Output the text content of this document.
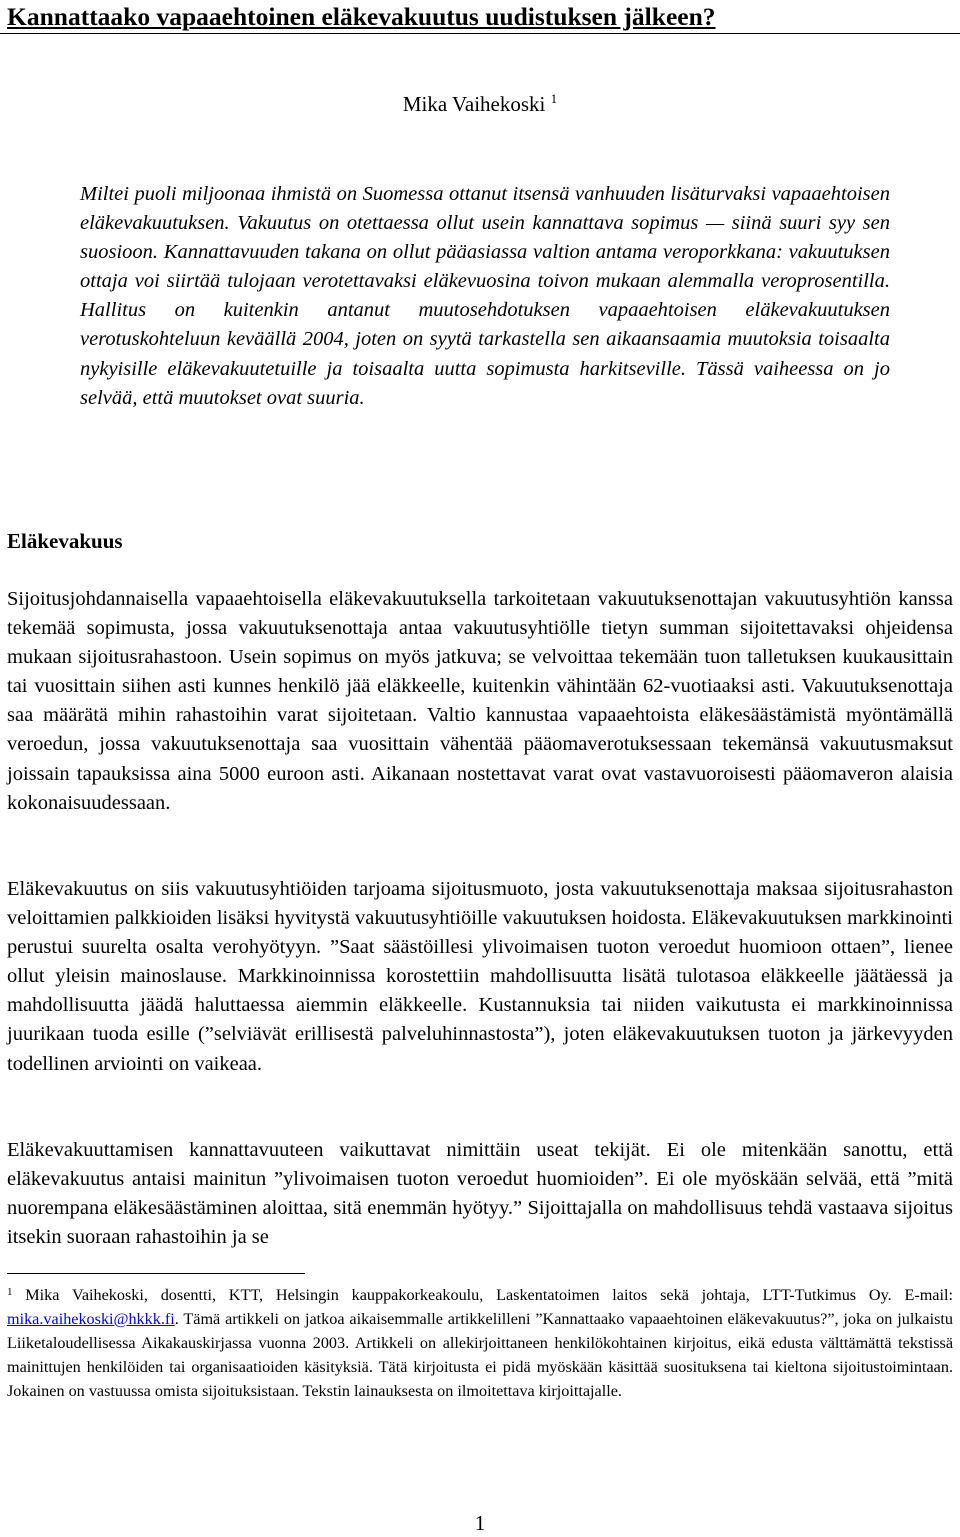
Kannattaako vapaaehtoinen eläkevakuutus uudistuksen jälkeen?
Mika Vaihekoski $^1$

Miltei puoli miljoonaa ihmistä on Suomessa ottanut itsensä vanhuuden lisäturvaksi vapaaehtoisen eläkevakuutuksen. Vakuutus on otettaessa ollut usein kannattava sopimus — siinä suuri syy sen suosioon. Kannattavuuden takana on ollut pääasiassa valtion antama veroporkkana: vakuutuksen ottaja voi siirtää tulojaan verotettavaksi eläkevuosina toivon mukaan alemmalla veroprosentilla. Hallitus on kuitenkin antanut muutosehdotuksen vapaaehtoisen eläkevakuutuksen verotuskohteluun keväällä 2004, joten on syytä tarkastella sen aikaansaamia muutoksia toisaalta nykyisille eläkevakuutetuille ja toisaalta uutta sopimusta harkitseville. Tässä vaiheessa on jo selvää, että muutokset ovat suuria.

Eläkevakuus

Sijoitusjohdannaisella vapaaehtoisella eläkevakuutuksella tarkoitetaan vakuutuksenottajan vakuutusyhtiön kanssa tekemää sopimusta, jossa vakuutuksenottaja antaa vakuutusyhtiölle tietyn summan sijoitettavaksi ohjeidensa mukaan sijoitusrahastoon. Usein sopimus on myös jatkuva; se velvoittaa tekemään tuon talletuksen kuukausittain tai vuosittain siihen asti kunnes henkilö jää eläkkeelle, kuitenkin vähintään 62-vuotiaaksi asti. Vakuutuksenottaja saa määrätä mihin rahastoihin varat sijoitetaan. Valtio kannustaa vapaaehtoista eläkesäästämistä myöntämällä veroedun, jossa vakuutuksenottaja saa vuosittain vähentää pääomaverotuksessaan tekemänsä vakuutusmaksut joissain tapauksissa aina 5000 euroon asti. Aikanaan nostettavat varat ovat vastavuoroisesti pääomaveron alaisia kokonaisuudessaan.

Eläkevakuutus on siis vakuutusyhtiöiden tarjoama sijoitusmuoto, josta vakuutuksenottaja maksaa sijoitusrahaston veloittamien palkkioiden lisäksi hyvitystä vakuutusyhtiöille vakuutuksen hoidosta. Eläkevakuutuksen markkinointi perustui suurelta osalta verohyötyyn. ”Saat säästöillesi ylivoimaisen tuoton veroedut huomioon ottaen”, lienee ollut yleisin mainoslause. Markkinoinnissa korostettiin mahdollisuutta lisätä tulotasoa eläkkeelle jäätäessä ja mahdollisuutta jäädä haluttaessa aiemmin eläkkeelle. Kustannuksia tai niiden vaikutusta ei markkinoinnissa juurikaan tuoda esille (”selviävät erillisestä palveluhinnastosta”), joten eläkevakuutuksen tuoton ja järkevyyden todellinen arviointi on vaikeaa.

Eläkevakuuttamisen kannattavuuteen vaikuttavat nimittäin useat tekijät. Ei ole mitenkään sanottu, että eläkevakuutus antaisi mainitun ”ylivoimaisen tuoton veroedut huomioiden”. Ei ole myöskään selvää, että ”mitä nuorempana eläkesäästäminen aloittaa, sitä enemmän hyötyy.” Sijoittajalla on mahdollisuus tehdä vastaava sijoitus itsekin suoraan rahastoihin ja se

$^1$ Mika Vaihekoski, dosentti, KTT, Helsingin kauppakorkeakoulu, Laskentatoimen laitos sekä johtaja, LTT-Tutkimus Oy. E-mail: mika.vaihekoski@hkkk.fi. Tämä artikkeli on jatkoa aikaisemmalle artikkelilleni ”Kannattaako vapaaehtoinen eläkevakuutus?”, joka on julkaistu Liiketaloudellisessa Aikakauskirjassa vuonna 2003. Artikkeli on allekirjoittaneen henkilökohtainen kirjoitus, eikä edusta välttämättä tekstissä mainittujen henkilöiden tai organisaatioiden käsityksiä. Tätä kirjoitusta ei pidä myöskään käsittää suosituksena tai kieltona sijoitustoimintaan. Jokainen on vastuussa omista sijoituksistaan. Tekstin lainauksesta on ilmoitettava kirjoittajalle.

1
